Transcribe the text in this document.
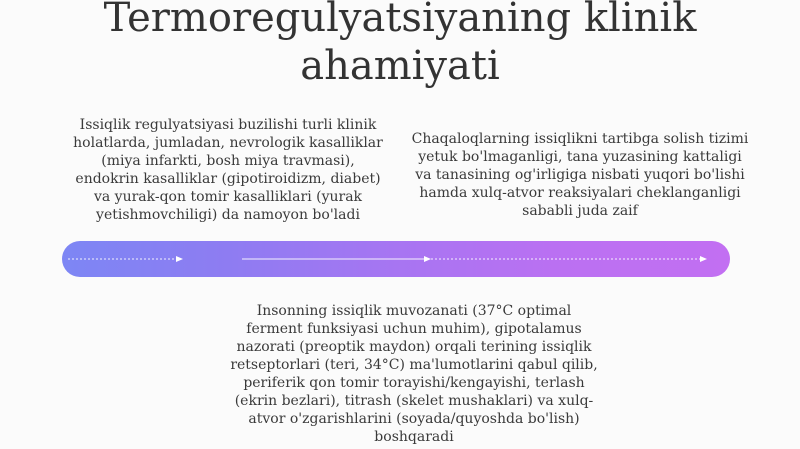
Termoregulyatsiyaning klinik ahamiyati

Issiqlik regulyatsiyasi buzilishi turli klinik holatlarda, jumladan, nevrologik kasalliklar (miya infarkti, bosh miya travmasi), endokrin kasalliklar (gipotiroidizm, diabet) va yurak-qon tomir kasalliklari (yurak yetishmovchiligi) da namoyon bo'ladi

Chaqaloqlarning issiqlikni tartibga solish tizimi yetuk bo'lmaganligi, tana yuzasining kattaligi va tanasining og'irligiga nisbati yuqori bo'lishi hamda xulq-atvor reaksiyalari cheklanganligi sababli juda zaif

Insonning issiqlik muvozanati (37°C optimal ferment funksiyasi uchun muhim), gipotalamus nazorati (preoptik maydon) orqali terining issiqlik retseptorlari (teri, 34°C) ma'lumotlarini qabul qilib, periferik qon tomir torayishi/kengayishi, terlash (ekrin bezlari), titrash (skelet mushaklari) va xulq-atvor o'zgarishlarini (soyada/quyoshda bo'lish) boshqaradi
